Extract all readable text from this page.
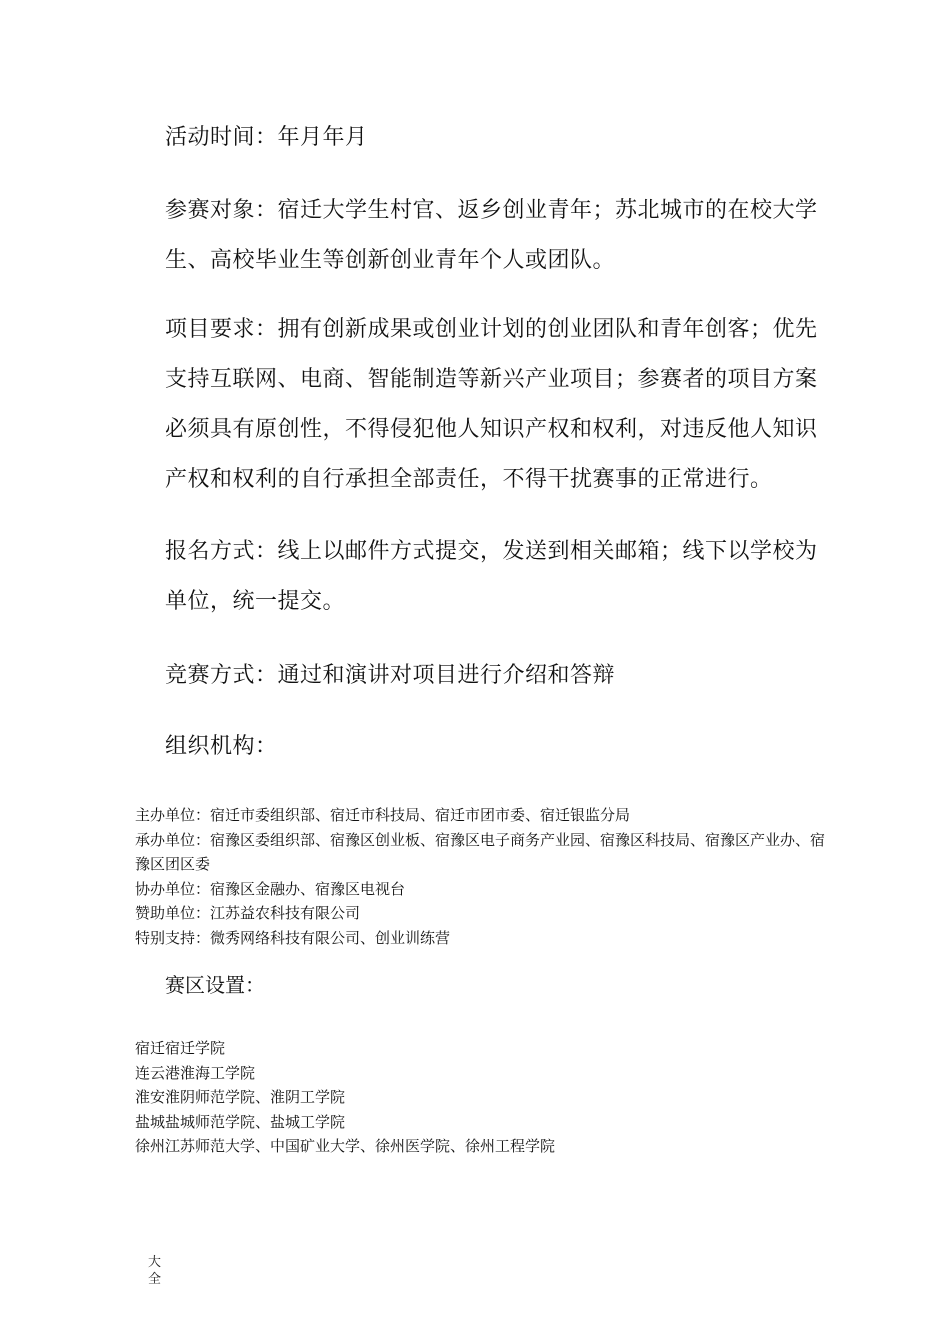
活动时间：年月年月

参赛对象：宿迁大学生村官、返乡创业青年；苏北城市的在校大学生、高校毕业生等创新创业青年个人或团队。

项目要求：拥有创新成果或创业计划的创业团队和青年创客；优先支持互联网、电商、智能制造等新兴产业项目；参赛者的项目方案必须具有原创性，不得侵犯他人知识产权和权利，对违反他人知识产权和权利的自行承担全部责任，不得干扰赛事的正常进行。

报名方式：线上以邮件方式提交，发送到相关邮箱；线下以学校为单位，统一提交。

竞赛方式：通过和演讲对项目进行介绍和答辩

组织机构：

主办单位：宿迁市委组织部、宿迁市科技局、宿迁市团市委、宿迁银监分局
承办单位：宿豫区委组织部、宿豫区创业板、宿豫区电子商务产业园、宿豫区科技局、宿豫区产业办、宿豫区团区委
协办单位：宿豫区金融办、宿豫区电视台
赞助单位：江苏益农科技有限公司
特别支持：微秀网络科技有限公司、创业训练营

赛区设置：

宿迁宿迁学院
连云港淮海工学院
淮安淮阴师范学院、淮阴工学院
盐城盐城师范学院、盐城工学院
徐州江苏师范大学、中国矿业大学、徐州医学院、徐州工程学院
大全
